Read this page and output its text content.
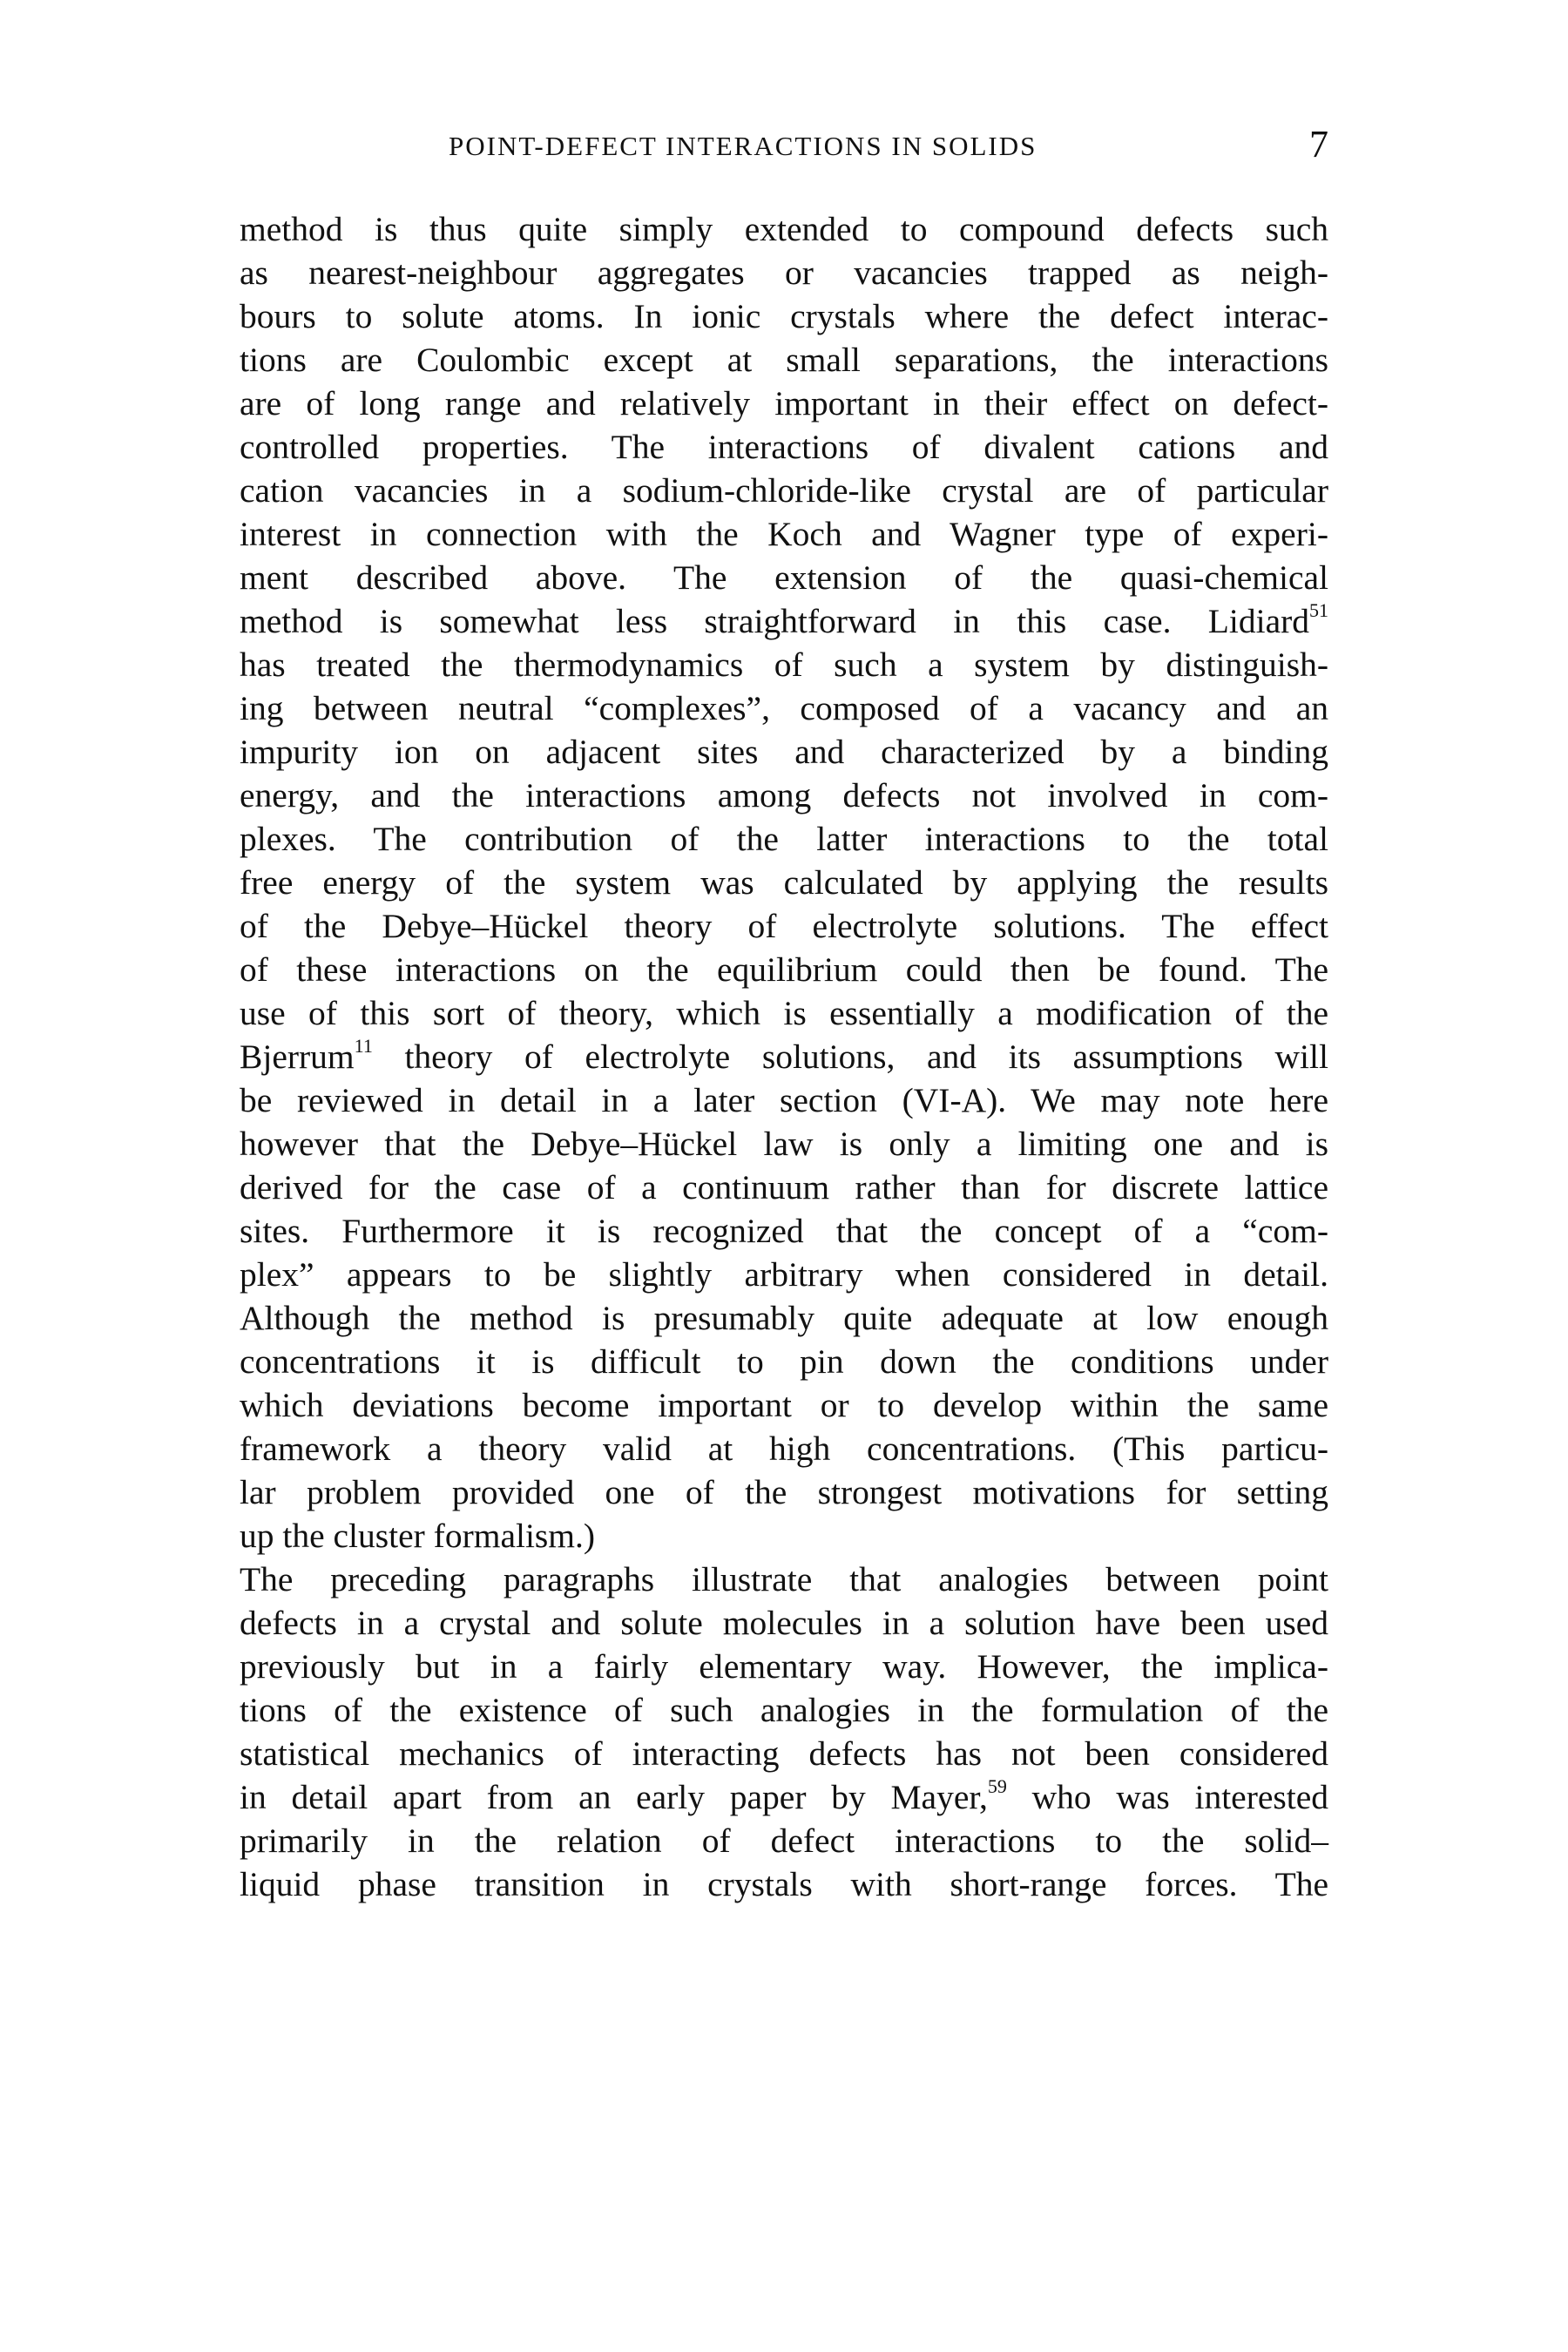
POINT-DEFECT INTERACTIONS IN SOLIDS	7
method is thus quite simply extended to compound defects such
as nearest-neighbour aggregates or vacancies trapped as neigh-
bours to solute atoms. In ionic crystals where the defect interac-
tions are Coulombic except at small separations, the interactions
are of long range and relatively important in their effect on defect-
controlled properties. The interactions of divalent cations and
cation vacancies in a sodium-chloride-like crystal are of particular
interest in connection with the Koch and Wagner type of experi-
ment described above. The extension of the quasi-chemical
method is somewhat less straightforward in this case. Lidiard$^{51}$
has treated the thermodynamics of such a system by distinguish-
ing between neutral “complexes”, composed of a vacancy and an
impurity ion on adjacent sites and characterized by a binding
energy, and the interactions among defects not involved in com-
plexes. The contribution of the latter interactions to the total
free energy of the system was calculated by applying the results
of the Debye–Hückel theory of electrolyte solutions. The effect
of these interactions on the equilibrium could then be found. The
use of this sort of theory, which is essentially a modification of the
Bjerrum$^{11}$ theory of electrolyte solutions, and its assumptions will
be reviewed in detail in a later section (VI-A). We may note here
however that the Debye–Hückel law is only a limiting one and is
derived for the case of a continuum rather than for discrete lattice
sites. Furthermore it is recognized that the concept of a “com-
plex” appears to be slightly arbitrary when considered in detail.
Although the method is presumably quite adequate at low enough
concentrations it is difficult to pin down the conditions under
which deviations become important or to develop within the same
framework a theory valid at high concentrations. (This particu-
lar problem provided one of the strongest motivations for setting
up the cluster formalism.)
The preceding paragraphs illustrate that analogies between point
defects in a crystal and solute molecules in a solution have been used
previously but in a fairly elementary way. However, the implica-
tions of the existence of such analogies in the formulation of the
statistical mechanics of interacting defects has not been considered
in detail apart from an early paper by Mayer,$^{59}$ who was interested
primarily in the relation of defect interactions to the solid–
liquid phase transition in crystals with short-range forces. The
